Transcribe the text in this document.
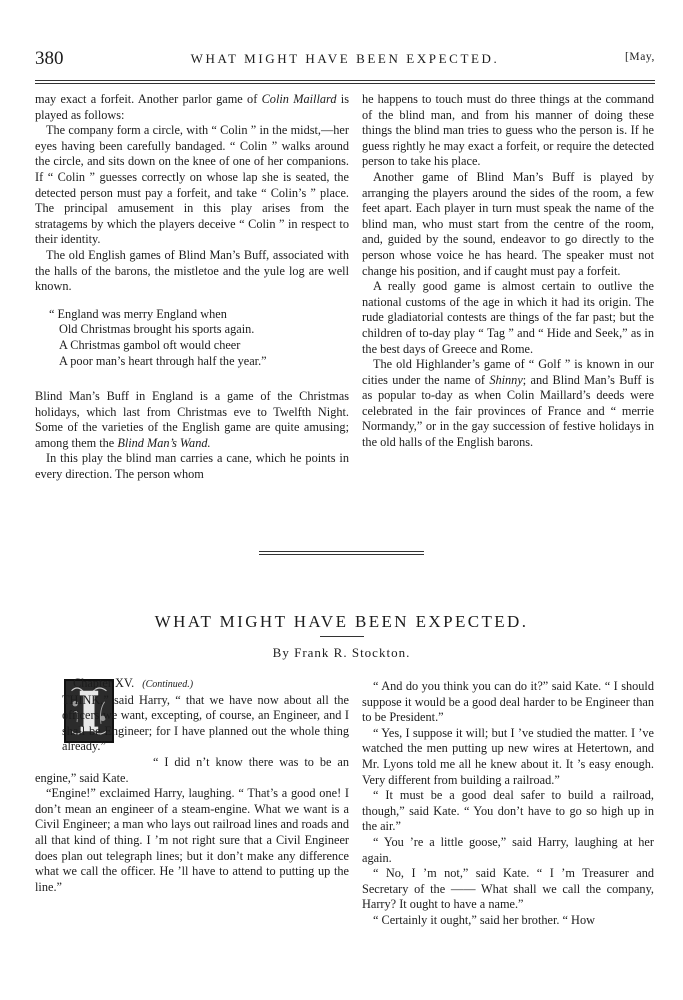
380	WHAT MIGHT HAVE BEEN EXPECTED.	[May,

may exact a forfeit. Another parlor game of Colin Maillard is played as follows:

The company form a circle, with “ Colin ” in the midst,—her eyes having been carefully bandaged. “ Colin ” walks around the circle, and sits down on the knee of one of her companions. If “ Colin ” guesses correctly on whose lap she is seated, the detected person must pay a forfeit, and take “ Colin’s ” place. The principal amusement in this play arises from the stratagems by which the players deceive “ Colin ” in respect to their identity.

The old English games of Blind Man’s Buff, associated with the halls of the barons, the mistletoe and the yule log are well known.

“ England was merry England when
Old Christmas brought his sports again.
A Christmas gambol oft would cheer
A poor man’s heart through half the year.”

Blind Man’s Buff in England is a game of the Christmas holidays, which last from Christmas eve to Twelfth Night. Some of the varieties of the English game are quite amusing; among them the Blind Man’s Wand.

In this play the blind man carries a cane, which he points in every direction. The person whom

he happens to touch must do three things at the command of the blind man, and from his manner of doing these things the blind man tries to guess who the person is. If he guess rightly he may exact a forfeit, or require the detected person to take his place.

Another game of Blind Man’s Buff is played by arranging the players around the sides of the room, a few feet apart. Each player in turn must speak the name of the blind man, who must start from the centre of the room, and, guided by the sound, endeavor to go directly to the person whose voice he has heard. The speaker must not change his position, and if caught must pay a forfeit.

A really good game is almost certain to outlive the national customs of the age in which it had its origin. The rude gladiatorial contests are things of the far past; but the children of to-day play “ Tag ” and “ Hide and Seek,” as in the best days of Greece and Rome.

The old Highlander’s game of “ Golf ” is known in our cities under the name of Shinny; and Blind Man’s Buff is as popular to-day as when Colin Maillard’s deeds were celebrated in the fair provinces of France and “ merrie Normandy,” or in the gay succession of festive holidays in the old halls of the English barons.

WHAT MIGHT HAVE BEEN EXPECTED.
By Frank R. Stockton.

Chapter XV. (Continued.)

THINK,” said Harry, “ that we have now about all the officers we want, excepting, of course, an Engineer, and I shall be Engineer; for I have planned out the whole thing already.”

“ I did n’t know there was to be an engine,” said Kate.

“Engine!” exclaimed Harry, laughing. “ That’s a good one! I don’t mean an engineer of a steam-engine. What we want is a Civil Engineer; a man who lays out railroad lines and roads and all that kind of thing. I ’m not right sure that a Civil Engineer does plan out telegraph lines; but it don’t make any difference what we call the officer. He ’ll have to attend to putting up the line.”

“ And do you think you can do it?” said Kate. “ I should suppose it would be a good deal harder to be Engineer than to be President.”

“ Yes, I suppose it will; but I ’ve studied the matter. I ’ve watched the men putting up new wires at Hetertown, and Mr. Lyons told me all he knew about it. It ’s easy enough. Very different from building a railroad.”

“ It must be a good deal safer to build a railroad, though,” said Kate. “ You don’t have to go so high up in the air.”

“ You ’re a little goose,” said Harry, laughing at her again.

“ No, I ’m not,” said Kate. “ I ’m Treasurer and Secretary of the —— What shall we call the company, Harry? It ought to have a name.”

“ Certainly it ought,” said her brother. “ How
